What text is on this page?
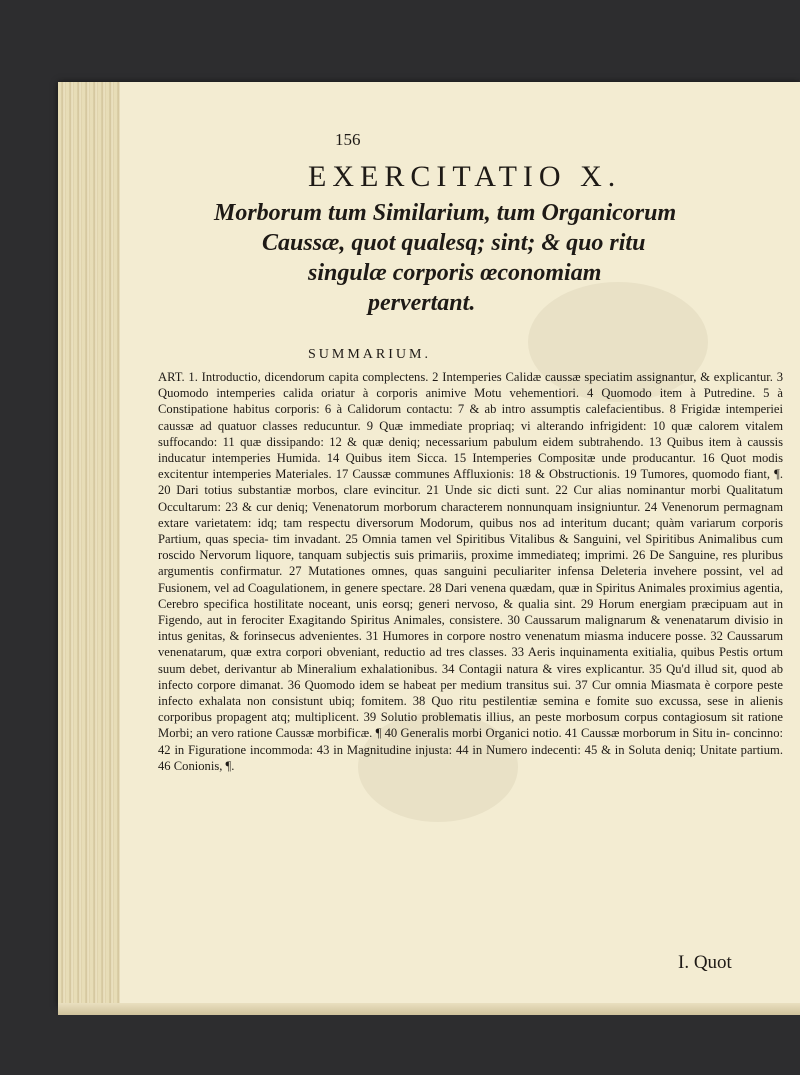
156
EXERCITATIO X.
Morborum tum Similarium, tum Organicorum
Caussæ, quot qualesq; sint; & quo ritu
singulæ corporis œconomiam
pervertant.
SUMMARIUM.

ART. 1. Introductio, dicendorum capita complectens. 2 Intemperies Calidæ caussæ speciatim assignantur, & explicantur. 3 Quomodo intemperies calida oriatur à corporis animive Motu vehementiori. 4 Quomodo item à Putredine. 5 à Constipatione habitus corporis: 6 à Calidorum contactu: 7 & ab intro assumptis calefacientibus. 8 Frigidæ intemperiei caussæ ad quatuor classes reducuntur. 9 Quæ immediate propriaq; vi alterando infrigident: 10 quæ calorem vitalem suffocando: 11 quæ dissipando: 12 & quæ deniq; necessarium pabulum eidem subtrahendo. 13 Quibus item à caussis inducatur intemperies Humida. 14 Quibus item Sicca. 15 Intemperies Compositæ unde producantur. 16 Quot modis excitentur intemperies Materiales. 17 Caussæ communes Affluxionis: 18 & Obstructionis. 19 Tumores, quomodo fiant, ¶. 20 Dari totius substantiæ morbos, clare evincitur. 21 Unde sic dicti sunt. 22 Cur alias nominantur morbi Qualitatum Occultarum: 23 & cur deniq; Venenatorum morborum characterem nonnunquam insigniuntur. 24 Venenorum permagnam extare varietatem: idq; tam respectu diversorum Modorum, quibus nos ad interitum ducant; quàm variarum corporis Partium, quas specia- tim invadant. 25 Omnia tamen vel Spiritibus Vitalibus & Sanguini, vel Spiritibus Animalibus cum roscido Nervorum liquore, tanquam subjectis suis primariis, proxime immediateq; imprimi. 26 De Sanguine, res pluribus argumentis confirmatur. 27 Mutationes omnes, quas sanguini peculiariter infensa Deleteria invehere possint, vel ad Fusionem, vel ad Coagulationem, in genere spectare. 28 Dari venena quædam, quæ in Spiritus Animales proximius agentia, Cerebro specifica hostilitate noceant, unis eorsq; generi nervoso, & qualia sint. 29 Horum energiam præcipuam aut in Figendo, aut in ferociter Exagitando Spiritus Animales, consistere. 30 Caussarum malignarum & venenatarum divisio in intus genitas, & forinsecus advenientes. 31 Humores in corpore nostro venenatum miasma inducere posse. 32 Caussarum venenatarum, quæ extra corpori obveniant, reductio ad tres classes. 33 Aeris inquinamenta exitialia, quibus Pestis ortum suum debet, derivantur ab Mineralium exhalationibus. 34 Contagii natura & vires explicantur. 35 Qu'd illud sit, quod ab infecto corpore dimanat. 36 Quomodo idem se habeat per medium transitus sui. 37 Cur omnia Miasmata è corpore peste infecto exhalata non consistunt ubiq; fomitem. 38 Quo ritu pestilentiæ semina e fomite suo excussa, sese in alienis corporibus propagent atq; multiplicent. 39 Solutio problematis illius, an peste morbosum corpus contagiosum sit ratione Morbi; an vero ratione Caussæ morbificæ. ¶ 40 Generalis morbi Organici notio. 41 Caussæ morborum in Situ in- concinno: 42 in Figuratione incommoda: 43 in Magnitudine injusta: 44 in Numero indecenti: 45 & in Soluta deniq; Unitate partium. 46 Conionis, ¶.

I. Quot
